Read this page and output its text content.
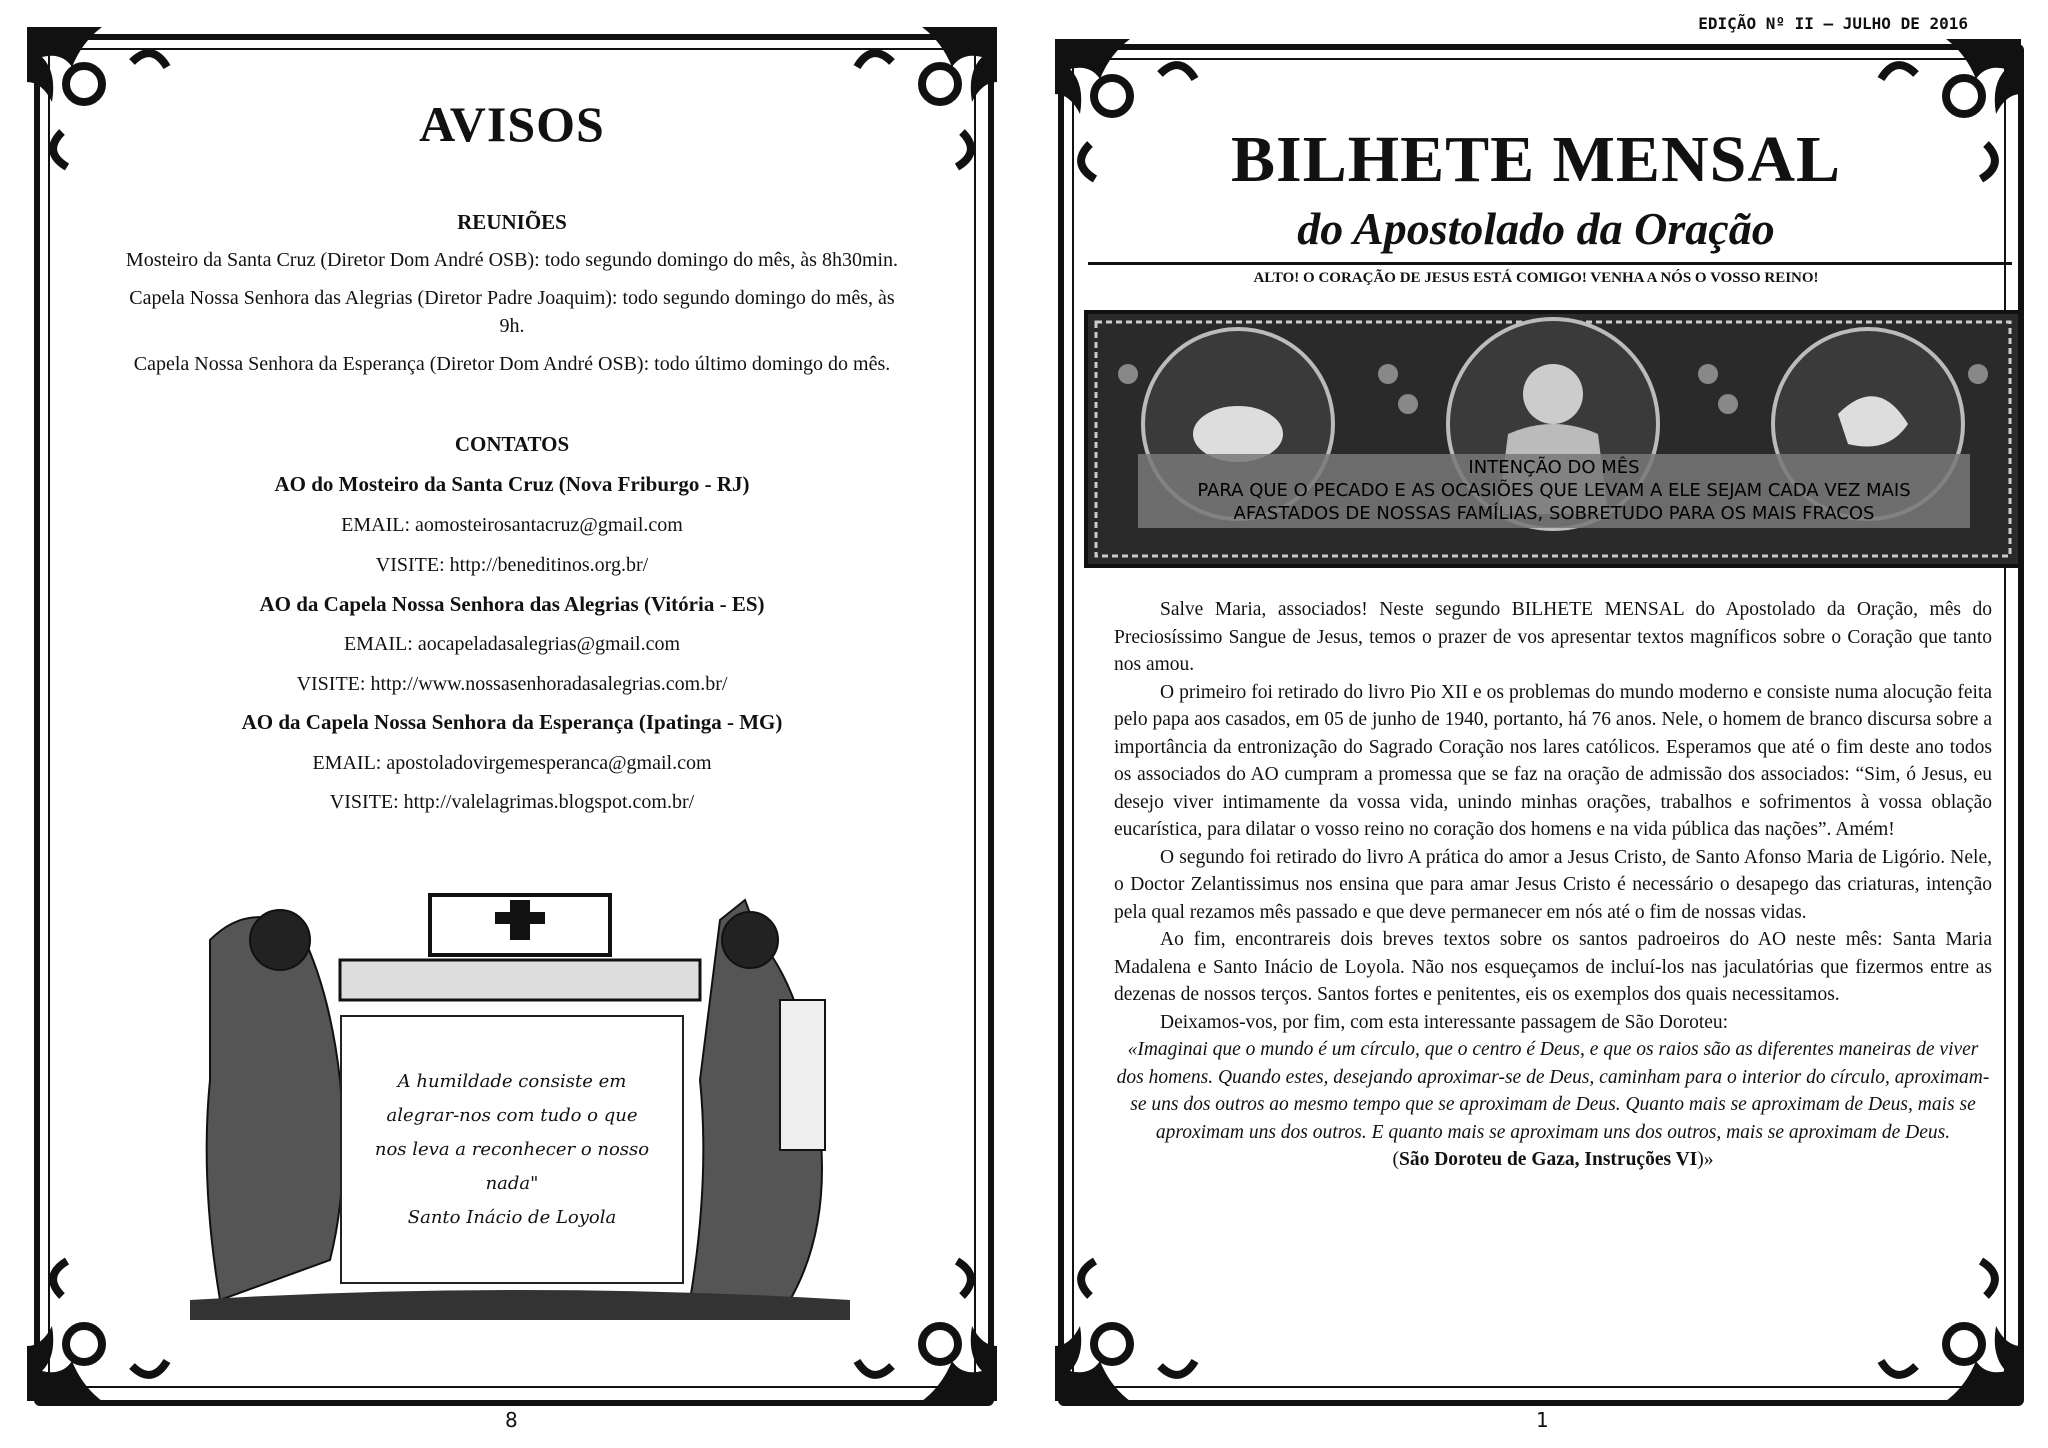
AVISOS
REUNIÕES
Mosteiro da Santa Cruz (Diretor Dom André OSB): todo segundo domingo do mês, às 8h30min.
Capela Nossa Senhora das Alegrias (Diretor Padre Joaquim): todo segundo domingo do mês, às
9h.
Capela Nossa Senhora da Esperança (Diretor Dom André OSB): todo último domingo do mês.
CONTATOS
AO do Mosteiro da Santa Cruz (Nova Friburgo - RJ)
EMAIL: aomosteirosantacruz@gmail.com
VISITE: http://beneditinos.org.br/
AO da Capela Nossa Senhora das Alegrias (Vitória - ES)
EMAIL: aocapeladasalegrias@gmail.com
VISITE: http://www.nossasenhoradasalegrias.com.br/
AO da Capela Nossa Senhora da Esperança (Ipatinga - MG)
EMAIL: apostoladovirgemesperanca@gmail.com
VISITE: http://valelagrimas.blogspot.com.br/
A humildade consiste em
alegrar-nos com tudo o que
nos leva a reconhecer o nosso
nada"
Santo Inácio de Loyola
8
EDIÇÃO Nº II — JULHO DE 2016
BILHETE MENSAL
do Apostolado da Oração
ALTO! O CORAÇÃO DE JESUS ESTÁ COMIGO! VENHA A NÓS O VOSSO REINO!
INTENÇÃO DO MÊS
PARA QUE O PECADO E AS OCASIÕES QUE LEVAM A ELE SEJAM CADA VEZ MAIS
AFASTADOS DE NOSSAS FAMÍLIAS, SOBRETUDO PARA OS MAIS FRACOS

Salve Maria, associados! Neste segundo BILHETE MENSAL do Apostolado da Oração, mês do Preciosíssimo Sangue de Jesus, temos o prazer de vos apresentar textos magníficos sobre o Coração que tanto nos amou.

O primeiro foi retirado do livro Pio XII e os problemas do mundo moderno e consiste numa alocução feita pelo papa aos casados, em 05 de junho de 1940, portanto, há 76 anos. Nele, o homem de branco discursa sobre a importância da entronização do Sagrado Coração nos lares católicos. Esperamos que até o fim deste ano todos os associados do AO cumpram a promessa que se faz na oração de admissão dos associados: “Sim, ó Jesus, eu desejo viver intimamente da vossa vida, unindo minhas orações, trabalhos e sofrimentos à vossa oblação eucarística, para dilatar o vosso reino no coração dos homens e na vida pública das nações”. Amém!

O segundo foi retirado do livro A prática do amor a Jesus Cristo, de Santo Afonso Maria de Ligório. Nele, o Doctor Zelantissimus nos ensina que para amar Jesus Cristo é necessário o desapego das criaturas, intenção pela qual rezamos mês passado e que deve permanecer em nós até o fim de nossas vidas.

Ao fim, encontrareis dois breves textos sobre os santos padroeiros do AO neste mês: Santa Maria Madalena e Santo Inácio de Loyola. Não nos esqueçamos de incluí-los nas jaculatórias que fizermos entre as dezenas de nossos terços. Santos fortes e penitentes, eis os exemplos dos quais necessitamos.

Deixamos-vos, por fim, com esta interessante passagem de São Doroteu:

«Imaginai que o mundo é um círculo, que o centro é Deus, e que os raios são as diferentes maneiras de viver dos homens. Quando estes, desejando aproximar-se de Deus, caminham para o interior do círculo, aproximam-se uns dos outros ao mesmo tempo que se aproximam de Deus. Quanto mais se aproximam de Deus, mais se aproximam uns dos outros. E quanto mais se aproximam uns dos outros, mais se aproximam de Deus.

(São Doroteu de Gaza, Instruções VI)»

1
